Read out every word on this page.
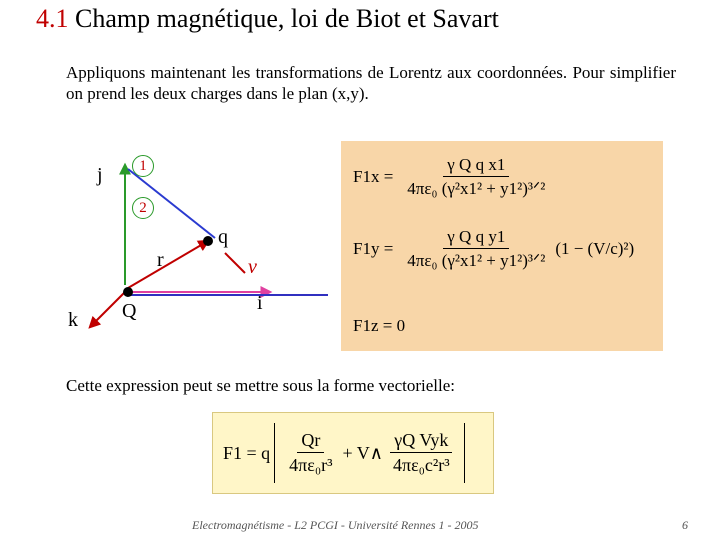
4.1 Champ magnétique, loi de Biot et Savart

Appliquons maintenant les transformations de Lorentz aux coordonnées. Pour simplifier on prend les deux charges dans le plan (x,y).

j
k
i
r
q
Q
v
1
2
$F1x = \frac{\text{γ Q q x1}}{\text{4πε₀ (γ²x1² + y1²)³ᐟ²}}$
$F1y = \frac{\text{γ Q q y1}}{\text{4πε₀ (γ²x1² + y1²)³ᐟ²}} (1 - (V/c)^2)$
F1z = 0
Cette expression peut se mettre sous la forme vectorielle:
F1 = q $\frac{Qr}{\text{4πε₀r³}}$ + V∧ $\frac{\text{γQ Vyk}}{\text{4πε₀c²r³}}$
Electromagnétisme - L2 PCGI - Université Rennes 1 - 2005	6
